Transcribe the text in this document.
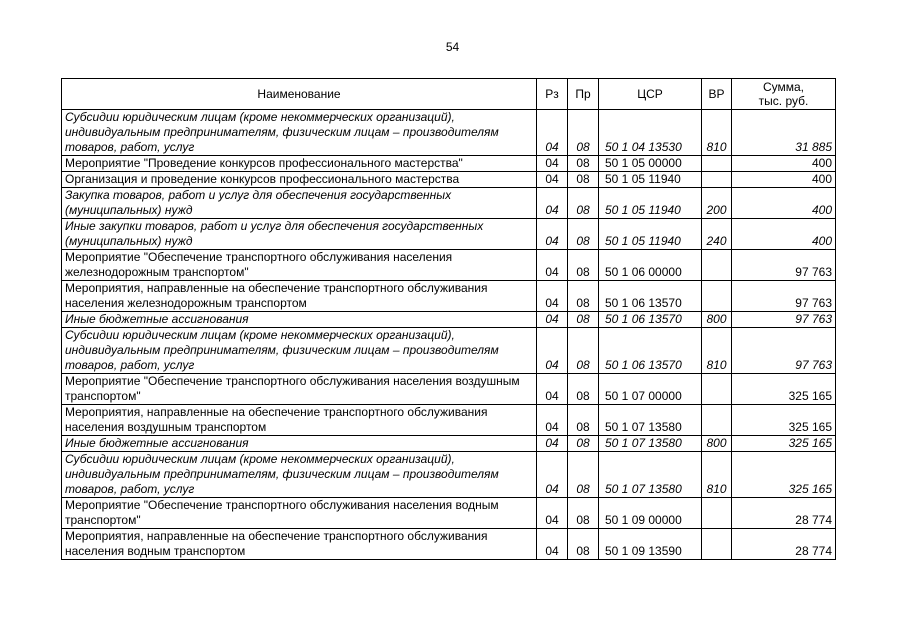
54
Наименование	Рз	Пр	ЦСР	ВР	Сумма,
тыс. руб.

Субсидии юридическим лицам (кроме некоммерческих организаций), индивидуальным предпринимателям, физическим лицам – производителям товаров, работ, услуг	04	08	50 1 04 13530	810	31 885
Мероприятие "Проведение конкурсов профессионального мастерства"	04	08	50 1 05 00000		400
Организация и проведение конкурсов профессионального мастерства	04	08	50 1 05 11940		400
Закупка товаров, работ и услуг для обеспечения государственных (муниципальных) нужд	04	08	50 1 05 11940	200	400
Иные закупки товаров, работ и услуг для обеспечения государственных (муниципальных) нужд	04	08	50 1 05 11940	240	400
Мероприятие "Обеспечение транспортного обслуживания населения железнодорожным транспортом"	04	08	50 1 06 00000		97 763
Мероприятия, направленные на обеспечение транспортного обслуживания населения железнодорожным транспортом	04	08	50 1 06 13570		97 763
Иные бюджетные ассигнования	04	08	50 1 06 13570	800	97 763
Субсидии юридическим лицам (кроме некоммерческих организаций), индивидуальным предпринимателям, физическим лицам – производителям товаров, работ, услуг	04	08	50 1 06 13570	810	97 763
Мероприятие "Обеспечение транспортного обслуживания населения воздушным транспортом"	04	08	50 1 07 00000		325 165
Мероприятия, направленные на обеспечение транспортного обслуживания населения воздушным транспортом	04	08	50 1 07 13580		325 165
Иные бюджетные ассигнования	04	08	50 1 07 13580	800	325 165
Субсидии юридическим лицам (кроме некоммерческих организаций), индивидуальным предпринимателям, физическим лицам – производителям товаров, работ, услуг	04	08	50 1 07 13580	810	325 165
Мероприятие "Обеспечение транспортного обслуживания населения водным транспортом"	04	08	50 1 09 00000		28 774
Мероприятия, направленные на обеспечение транспортного обслуживания населения водным транспортом	04	08	50 1 09 13590		28 774
